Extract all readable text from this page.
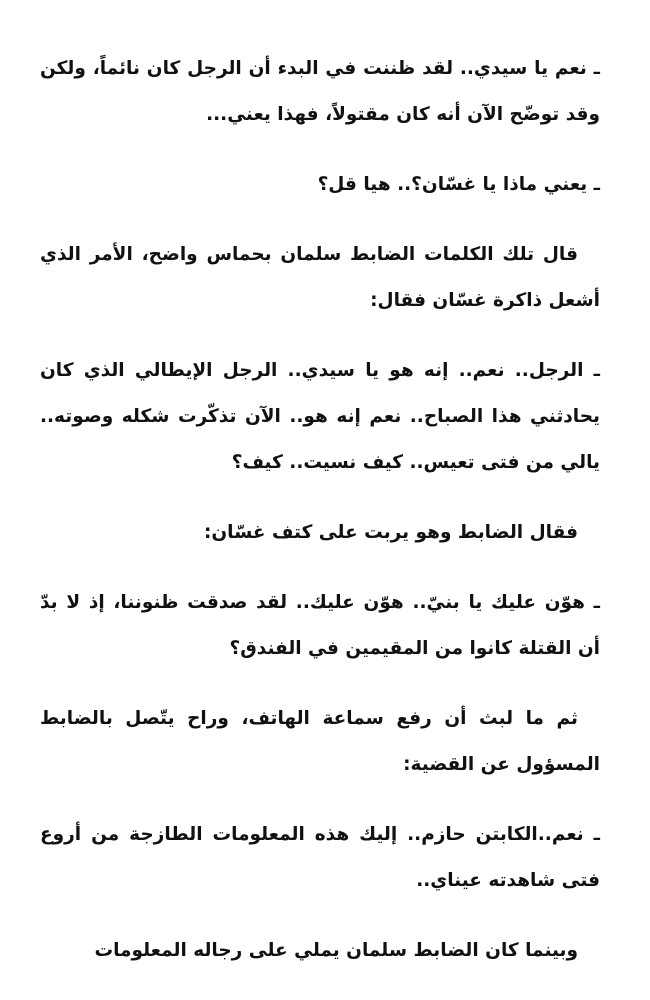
ـ نعم يا سيدي.. لقد ظننت في البدء أن الرجل كان نائماً، ولكن وقد توضّح الآن أنه كان مقتولاً، فهذا يعني...

ـ يعني ماذا يا غسّان؟.. هيا قل؟

قال تلك الكلمات الضابط سلمان بحماس واضح، الأمر الذي أشعل ذاكرة غسّان فقال:

ـ الرجل.. نعم.. إنه هو يا سيدي.. الرجل الإيطالي الذي كان يحادثني هذا الصباح.. نعم إنه هو.. الآن تذكّرت شكله وصوته.. يالي من فتى تعيس.. كيف نسيت.. كيف؟

فقال الضابط وهو يربت على كتف غسّان:

ـ هوّن عليك يا بنيّ.. هوّن عليك.. لقد صدقت ظنوننا، إذ لا بدّ أن القتلة كانوا من المقيمين في الفندق؟

ثم ما لبث أن رفع سماعة الهاتف، وراح يتّصل بالضابط المسؤول عن القضية:

ـ نعم..الكابتن حازم.. إليك هذه المعلومات الطازجة من أروع فتى شاهدته عيناي..

وبينما كان الضابط سلمان يملي على رجاله المعلومات
